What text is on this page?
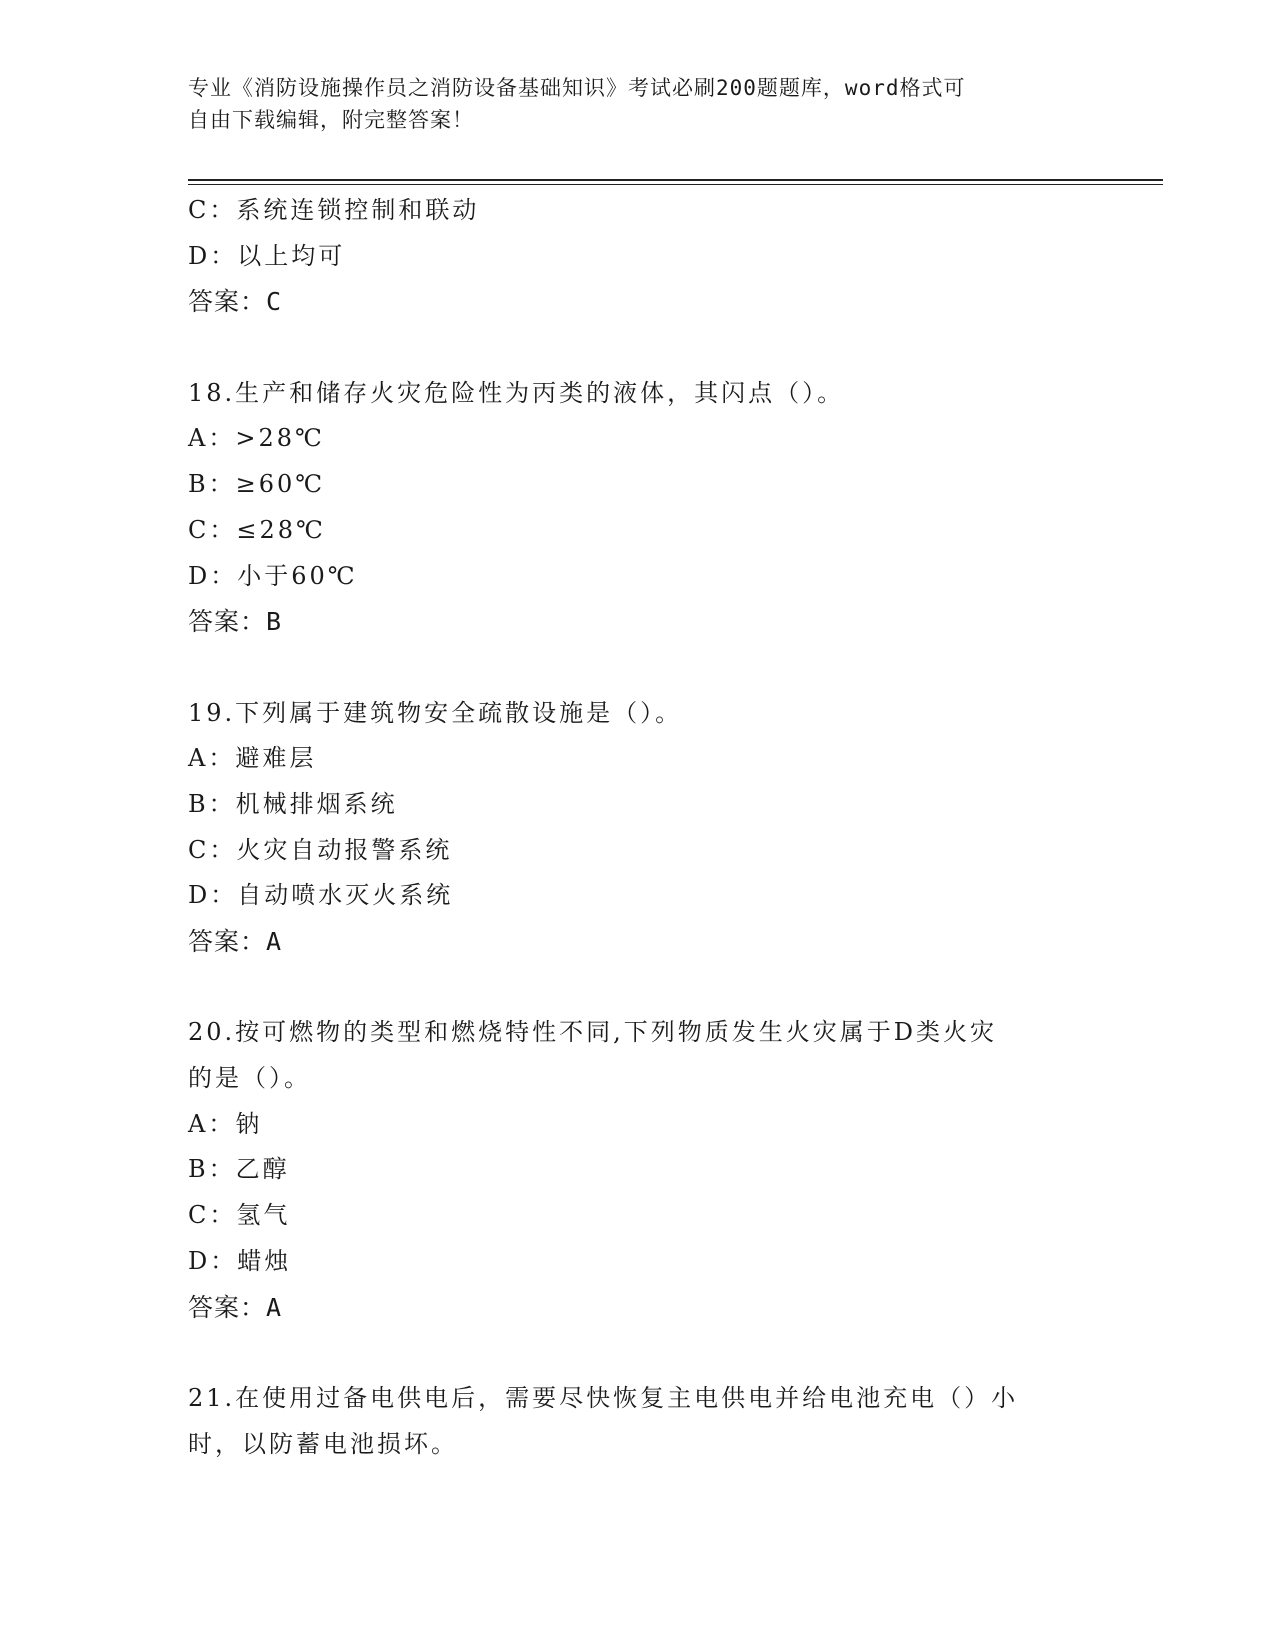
专业《消防设施操作员之消防设备基础知识》考试必刷200题题库，word格式可
自由下载编辑，附完整答案！
C：系统连锁控制和联动
D：以上均可
答案：C
18.生产和储存火灾危险性为丙类的液体，其闪点（）。
A：>28℃
B：≥60℃
C：≤28℃
D：小于60℃
答案：B
19.下列属于建筑物安全疏散设施是（）。
A：避难层
B：机械排烟系统
C：火灾自动报警系统
D：自动喷水灭火系统
答案：A
20.按可燃物的类型和燃烧特性不同,下列物质发生火灾属于D类火灾
的是（）。
A：钠
B：乙醇
C：氢气
D：蜡烛
答案：A
21.在使用过备电供电后，需要尽快恢复主电供电并给电池充电（）小
时，以防蓄电池损坏。
